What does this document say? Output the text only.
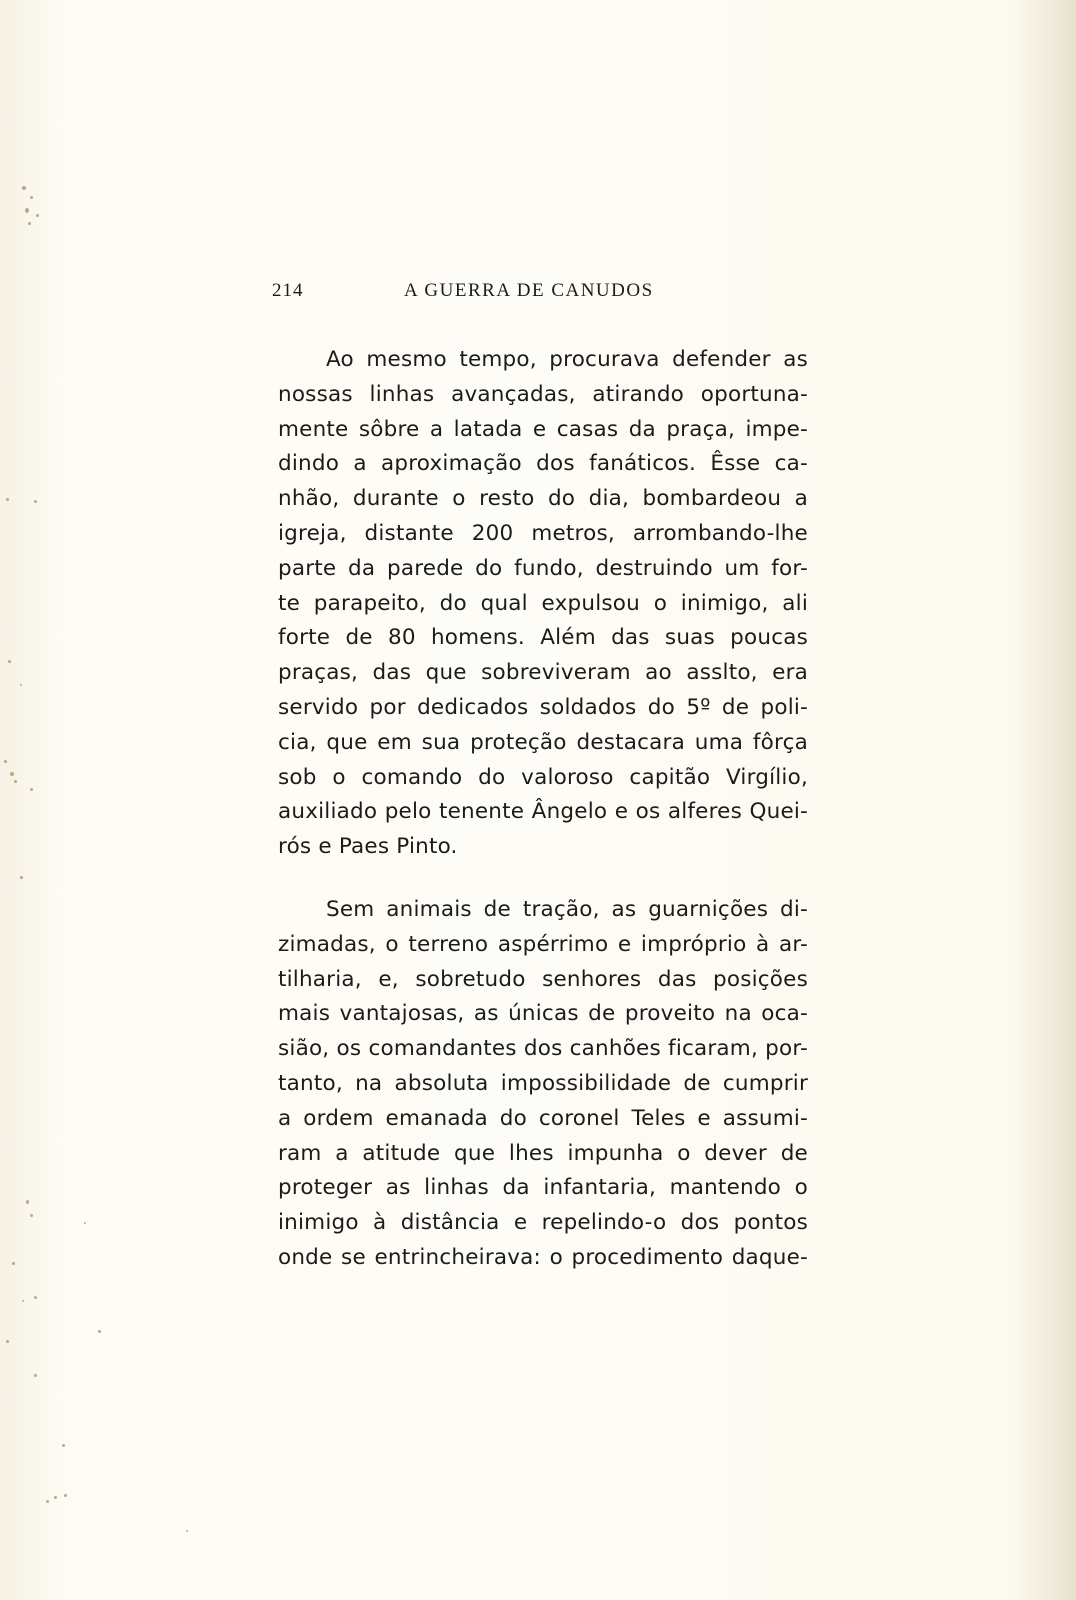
214	A GUERRA DE CANUDOS
Ao mesmo tempo, procurava defender as
nossas linhas avançadas, atirando oportuna-
mente sôbre a latada e casas da praça, impe-
dindo a aproximação dos fanáticos. Êsse ca-
nhão, durante o resto do dia, bombardeou a
igreja, distante 200 metros, arrombando-lhe
parte da parede do fundo, destruindo um for-
te parapeito, do qual expulsou o inimigo, ali
forte de 80 homens. Além das suas poucas
praças, das que sobreviveram ao asslto, era
servido por dedicados soldados do 5º de poli-
cia, que em sua proteção destacara uma fôrça
sob o comando do valoroso capitão Virgílio,
auxiliado pelo tenente Ângelo e os alferes Quei-
rós e Paes Pinto.
Sem animais de tração, as guarnições di-
zimadas, o terreno aspérrimo e impróprio à ar-
tilharia, e, sobretudo senhores das posições
mais vantajosas, as únicas de proveito na oca-
sião, os comandantes dos canhões ficaram, por-
tanto, na absoluta impossibilidade de cumprir
a ordem emanada do coronel Teles e assumi-
ram a atitude que lhes impunha o dever de
proteger as linhas da infantaria, mantendo o
inimigo à distância e repelindo-o dos pontos
onde se entrincheirava: o procedimento daque-
